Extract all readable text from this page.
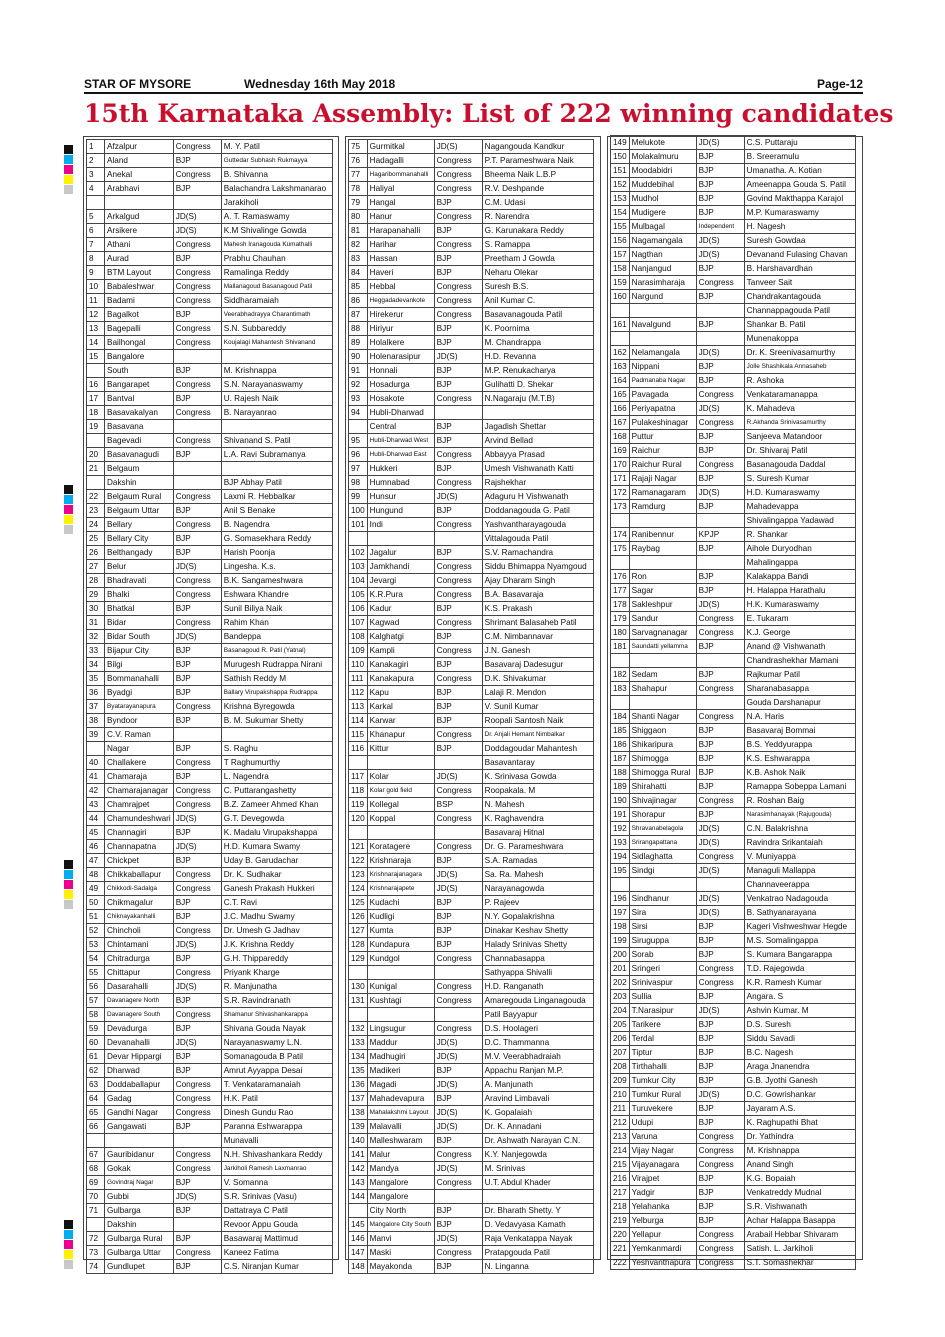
STAR OF MYSORE	Wednesday 16th May 2018	Page-12
15th Karnataka Assembly: List of 222 winning candidates
1	Afzalpur	Congress	M. Y. Patil
2	Aland	BJP	Guttedar Subhash Rukmayya
3	Anekal	Congress	B. Shivanna
4	Arabhavi	BJP	Balachandra Lakshmanarao
			Jarakiholi
5	Arkalgud	JD(S)	A. T. Ramaswamy
6	Arsikere	JD(S)	K.M Shivalinge Gowda
7	Athani	Congress	Mahesh Iranagouda Kumathalli
8	Aurad	BJP	Prabhu Chauhan
9	BTM Layout	Congress	Ramalinga Reddy
10	Babaleshwar	Congress	Mallanagoud Basanagoud Patil
11	Badami	Congress	Siddharamaiah
12	Bagalkot	BJP	Veerabhadrayya Charantimath
13	Bagepalli	Congress	S.N. Subbareddy
14	Bailhongal	Congress	Koujalagi Mahantesh Shivanand
15	Bangalore		
	South	BJP	M. Krishnappa
16	Bangarapet	Congress	S.N. Narayanaswamy
17	Bantval	BJP	U. Rajesh Naik
18	Basavakalyan	Congress	B. Narayanrao
19	Basavana		
	Bagevadi	Congress	Shivanand S. Patil
20	Basavanagudi	BJP	L.A. Ravi Subramanya
21	Belgaum		
	Dakshin		BJP Abhay Patil
22	Belgaum Rural	Congress	Laxmi R. Hebbalkar
23	Belgaum Uttar	BJP	Anil S Benake
24	Bellary	Congress	B. Nagendra
25	Bellary City	BJP	G. Somasekhara Reddy
26	Belthangady	BJP	Harish Poonja
27	Belur	JD(S)	Lingesha. K.s.
28	Bhadravati	Congress	B.K. Sangameshwara
29	Bhalki	Congress	Eshwara Khandre
30	Bhatkal	BJP	Sunil Biliya Naik
31	Bidar	Congress	Rahim Khan
32	Bidar South	JD(S)	Bandeppa
33	Bijapur City	BJP	Basanagoud R. Patil (Yatnal)
34	Bilgi	BJP	Murugesh Rudrappa Nirani
35	Bommanahalli	BJP	Sathish Reddy M
36	Byadgi	BJP	Ballary Virupakshappa Rudrappa
37	Byatarayanapura	Congress	Krishna Byregowda
38	Byndoor	BJP	B. M. Sukumar Shetty
39	C.V. Raman		
	Nagar	BJP	S. Raghu
40	Challakere	Congress	T Raghumurthy
41	Chamaraja	BJP	L. Nagendra
42	Chamarajanagar	Congress	C. Puttarangashetty
43	Chamrajpet	Congress	B.Z. Zameer Ahmed Khan
44	Chamundeshwari	JD(S)	G.T. Devegowda
45	Channagiri	BJP	K. Madalu Virupakshappa
46	Channapatna	JD(S)	H.D. Kumara Swamy
47	Chickpet	BJP	Uday B. Garudachar
48	Chikkaballapur	Congress	Dr. K. Sudhakar
49	Chikkodi-Sadalga	Congress	Ganesh Prakash Hukkeri
50	Chikmagalur	BJP	C.T. Ravi
51	Chiknayakanhalli	BJP	J.C. Madhu Swamy
52	Chincholi	Congress	Dr. Umesh G Jadhav
53	Chintamani	JD(S)	J.K. Krishna Reddy
54	Chitradurga	BJP	G.H. Thippareddy
55	Chittapur	Congress	Priyank Kharge
56	Dasarahalli	JD(S)	R. Manjunatha
57	Davanagere North	BJP	S.R. Ravindranath
58	Davanagere South	Congress	Shamanur Shivashankarappa
59	Devadurga	BJP	Shivana Gouda Nayak
60	Devanahalli	JD(S)	Narayanaswamy L.N.
61	Devar Hippargi	BJP	Somanagouda B Patil
62	Dharwad	BJP	Amrut Ayyappa Desai
63	Doddaballapur	Congress	T. Venkataramanaiah
64	Gadag	Congress	H.K. Patil
65	Gandhi Nagar	Congress	Dinesh Gundu Rao
66	Gangawati	BJP	Paranna Eshwarappa
			Munavalli
67	Gauribidanur	Congress	N.H. Shivashankara Reddy
68	Gokak	Congress	Jarkiholi Ramesh Laxmanrao
69	Govindraj Nagar	BJP	V. Somanna
70	Gubbi	JD(S)	S.R. Srinivas (Vasu)
71	Gulbarga	BJP	Dattatraya C Patil
	Dakshin		Revoor Appu Gouda
72	Gulbarga Rural	BJP	Basawaraj Mattimud
73	Gulbarga Uttar	Congress	Kaneez Fatima
74	Gundlupet	BJP	C.S. Niranjan Kumar
75	Gurmitkal	JD(S)	Nagangouda Kandkur
76	Hadagalli	Congress	P.T. Parameshwara Naik
77	Hagaribommanahalli	Congress	Bheema Naik L.B.P
78	Haliyal	Congress	R.V. Deshpande
79	Hangal	BJP	C.M. Udasi
80	Hanur	Congress	R. Narendra
81	Harapanahalli	BJP	G. Karunakara Reddy
82	Harihar	Congress	S. Ramappa
83	Hassan	BJP	Preetham J Gowda
84	Haveri	BJP	Neharu Olekar
85	Hebbal	Congress	Suresh B.S.
86	Heggadadevankote	Congress	Anil Kumar C.
87	Hirekerur	Congress	Basavanagouda Patil
88	Hiriyur	BJP	K. Poornima
89	Holalkere	BJP	M. Chandrappa
90	Holenarasipur	JD(S)	H.D. Revanna
91	Honnali	BJP	M.P. Renukacharya
92	Hosadurga	BJP	Gulihatti D. Shekar
93	Hosakote	Congress	N.Nagaraju (M.T.B)
94	Hubli-Dharwad		
	Central	BJP	Jagadish Shettar
95	Hubli-Dharwad West	BJP	Arvind Bellad
96	Hubli-Dharwad East	Congress	Abbayya Prasad
97	Hukkeri	BJP	Umesh Vishwanath Katti
98	Humnabad	Congress	Rajshekhar
99	Hunsur	JD(S)	Adaguru H Vishwanath
100	Hungund	BJP	Doddanagouda G. Patil
101	Indi	Congress	Yashvantharayagouda
			Vittalagouda Patil
102	Jagalur	BJP	S.V. Ramachandra
103	Jamkhandi	Congress	Siddu Bhimappa Nyamgoud
104	Jevargi	Congress	Ajay Dharam Singh
105	K.R.Pura	Congress	B.A. Basavaraja
106	Kadur	BJP	K.S. Prakash
107	Kagwad	Congress	Shrimant Balasaheb Patil
108	Kalghatgi	BJP	C.M. Nimbannavar
109	Kampli	Congress	J.N. Ganesh
110	Kanakagiri	BJP	Basavaraj Dadesugur
111	Kanakapura	Congress	D.K. Shivakumar
112	Kapu	BJP	Lalaji R. Mendon
113	Karkal	BJP	V. Sunil Kumar
114	Karwar	BJP	Roopali Santosh Naik
115	Khanapur	Congress	Dr. Anjali Hemant Nimbalkar
116	Kittur	BJP	Doddagoudar Mahantesh
			Basavantaray
117	Kolar	JD(S)	K. Srinivasa Gowda
118	Kolar gold field	Congress	Roopakala. M
119	Kollegal	BSP	N. Mahesh
120	Koppal	Congress	K. Raghavendra
			Basavaraj Hitnal
121	Koratagere	Congress	Dr. G. Parameshwara
122	Krishnaraja	BJP	S.A. Ramadas
123	Krishnarajanagara	JD(S)	Sa. Ra. Mahesh
124	Krishnarajapete	JD(S)	Narayanagowda
125	Kudachi	BJP	P. Rajeev
126	Kudligi	BJP	N.Y. Gopalakrishna
127	Kumta	BJP	Dinakar Keshav Shetty
128	Kundapura	BJP	Halady Srinivas Shetty
129	Kundgol	Congress	Channabasappa
			Sathyappa Shivalli
130	Kunigal	Congress	H.D. Ranganath
131	Kushtagi	Congress	Amaregouda Linganagouda
			Patil Bayyapur
132	Lingsugur	Congress	D.S. Hoolageri
133	Maddur	JD(S)	D.C. Thammanna
134	Madhugiri	JD(S)	M.V. Veerabhadraiah
135	Madikeri	BJP	Appachu Ranjan M.P.
136	Magadi	JD(S)	A. Manjunath
137	Mahadevapura	BJP	Aravind Limbavali
138	Mahalakshmi Layout	JD(S)	K. Gopalaiah
139	Malavalli	JD(S)	Dr. K. Annadani
140	Malleshwaram	BJP	Dr. Ashwath Narayan C.N.
141	Malur	Congress	K.Y. Nanjegowda
142	Mandya	JD(S)	M. Srinivas
143	Mangalore	Congress	U.T. Abdul Khader
144	Mangalore		
	City North	BJP	Dr. Bharath Shetty. Y
145	Mangalore City South	BJP	D. Vedavyasa Kamath
146	Manvi	JD(S)	Raja Venkatappa Nayak
147	Maski	Congress	Pratapgouda Patil
148	Mayakonda	BJP	N. Linganna
149	Melukote	JD(S)	C.S. Puttaraju
150	Molakalmuru	BJP	B. Sreeramulu
151	Moodabidri	BJP	Umanatha. A. Kotian
152	Muddebihal	BJP	Ameenappa Gouda S. Patil
153	Mudhol	BJP	Govind Makthappa Karajol
154	Mudigere	BJP	M.P. Kumaraswamy
155	Mulbagal	Independent	H. Nagesh
156	Nagamangala	JD(S)	Suresh Gowdaa
157	Nagthan	JD(S)	Devanand Fulasing Chavan
158	Nanjangud	BJP	B. Harshavardhan
159	Narasimharaja	Congress	Tanveer Sait
160	Nargund	BJP	Chandrakantagouda
			Channappagouda Patil
161	Navalgund	BJP	Shankar B. Patil
			Munenakoppa
162	Nelamangala	JD(S)	Dr. K. Sreenivasamurthy
163	Nippani	BJP	Jolle Shashikala Annasaheb
164	Padmanaba Nagar	BJP	R. Ashoka
165	Pavagada	Congress	Venkataramanappa
166	Periyapatna	JD(S)	K. Mahadeva
167	Pulakeshinagar	Congress	R.Akhanda Srinivasamurthy
168	Puttur	BJP	Sanjeeva Matandoor
169	Raichur	BJP	Dr. Shivaraj Patil
170	Raichur Rural	Congress	Basanagouda Daddal
171	Rajaji Nagar	BJP	S. Suresh Kumar
172	Ramanagaram	JD(S)	H.D. Kumaraswamy
173	Ramdurg	BJP	Mahadevappa
			Shivalingappa Yadawad
174	Ranibennur	KPJP	R. Shankar
175	Raybag	BJP	Aihole Duryodhan
			Mahalingappa
176	Ron	BJP	Kalakappa Bandi
177	Sagar	BJP	H. Halappa Harathalu
178	Sakleshpur	JD(S)	H.K. Kumaraswamy
179	Sandur	Congress	E. Tukaram
180	Sarvagnanagar	Congress	K.J. George
181	Saundatti yellamma	BJP	Anand @ Vishwanath
			Chandrashekhar Mamani
182	Sedam	BJP	Rajkumar Patil
183	Shahapur	Congress	Sharanabasappa
			Gouda Darshanapur
184	Shanti Nagar	Congress	N.A. Haris
185	Shiggaon	BJP	Basavaraj Bommai
186	Shikaripura	BJP	B.S. Yeddyurappa
187	Shimogga	BJP	K.S. Eshwarappa
188	Shimogga Rural	BJP	K.B. Ashok Naik
189	Shirahatti	BJP	Ramappa Sobeppa Lamani
190	Shivajinagar	Congress	R. Roshan Baig
191	Shorapur	BJP	Narasimhanayak (Rajugouda)
192	Shravanabelagola	JD(S)	C.N. Balakrishna
193	Srirangapattana	JD(S)	Ravindra Srikantaiah
194	Sidlaghatta	Congress	V. Muniyappa
195	Sindgi	JD(S)	Managuli Mallappa
			Channaveerappa
196	Sindhanur	JD(S)	Venkatrao Nadagouda
197	Sira	JD(S)	B. Sathyanarayana
198	Sirsi	BJP	Kageri Vishweshwar Hegde
199	Siruguppa	BJP	M.S. Somalingappa
200	Sorab	BJP	S. Kumara Bangarappa
201	Sringeri	Congress	T.D. Rajegowda
202	Srinivaspur	Congress	K.R. Ramesh Kumar
203	Sullia	BJP	Angara. S
204	T.Narasipur	JD(S)	Ashvin Kumar. M
205	Tarikere	BJP	D.S. Suresh
206	Terdal	BJP	Siddu Savadi
207	Tiptur	BJP	B.C. Nagesh
208	Tirthahalli	BJP	Araga Jnanendra
209	Tumkur City	BJP	G.B. Jyothi Ganesh
210	Tumkur Rural	JD(S)	D.C. Gowrishankar
211	Turuvekere	BJP	Jayaram A.S.
212	Udupi	BJP	K. Raghupathi Bhat
213	Varuna	Congress	Dr. Yathindra
214	Vijay Nagar	Congress	M. Krishnappa
215	Vijayanagara	Congress	Anand Singh
216	Virajpet	BJP	K.G. Bopaiah
217	Yadgir	BJP	Venkatreddy Mudnal
218	Yelahanka	BJP	S.R. Vishwanath
219	Yelburga	BJP	Achar Halappa Basappa
220	Yellapur	Congress	Arabail Hebbar Shivaram
221	Yemkanmardi	Congress	Satish. L. Jarkiholi
222	Yeshvanthapura	Congress	S.T. Somashekhar
